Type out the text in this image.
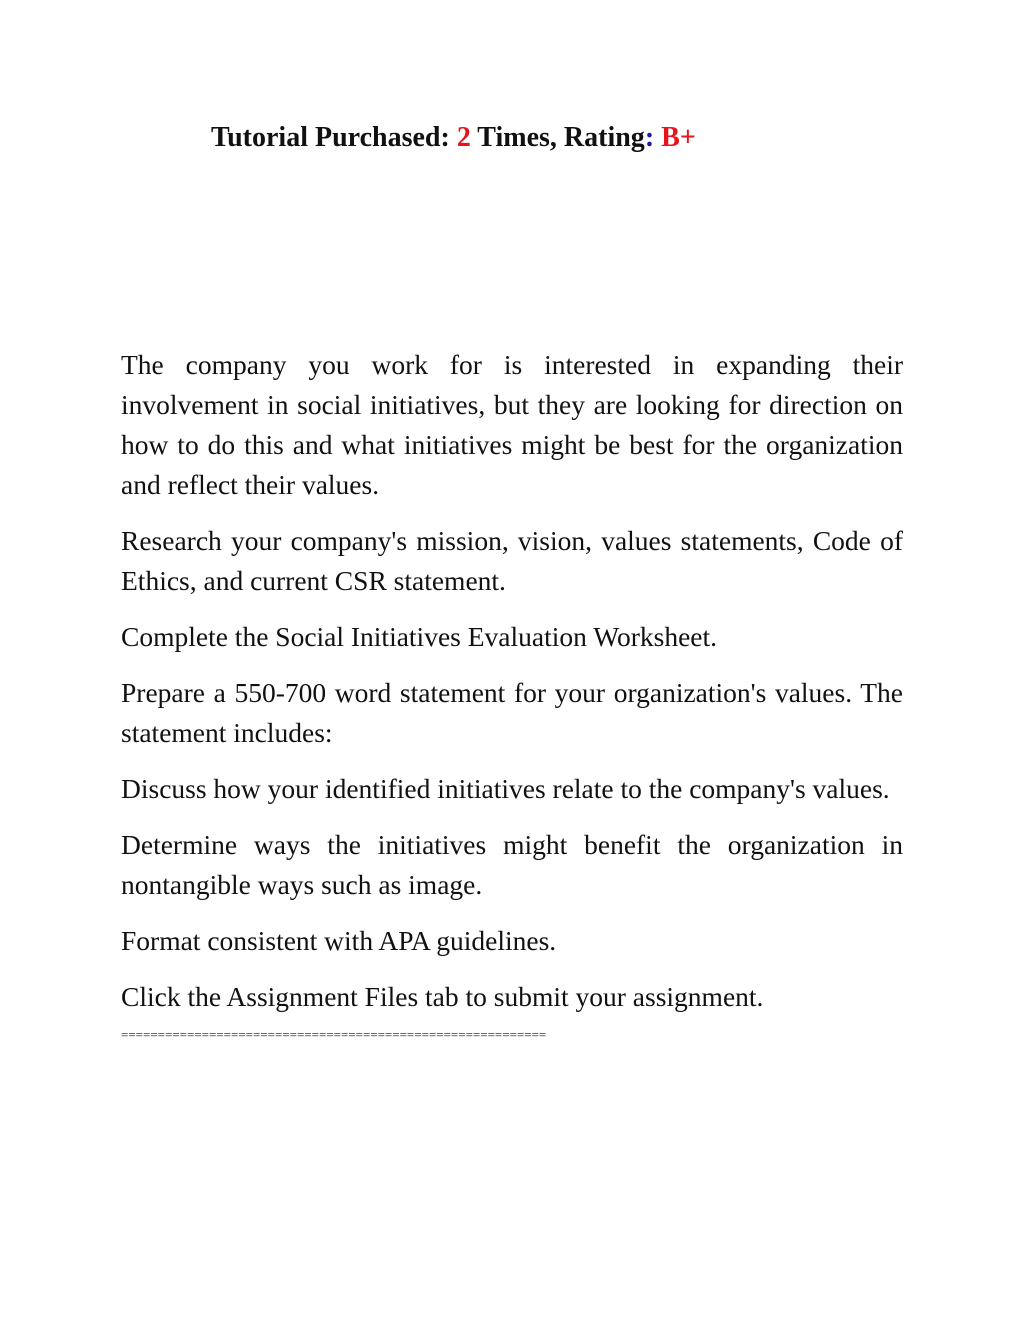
Tutorial Purchased: 2 Times, Rating: B+

The company you work for is interested in expanding their involvement in social initiatives, but they are looking for direction on how to do this and what initiatives might be best for the organization and reflect their values.

Research your company's mission, vision, values statements, Code of Ethics, and current CSR statement.

Complete the Social Initiatives Evaluation Worksheet.

Prepare a 550-700 word statement for your organization's values. The statement includes:

Discuss how your identified initiatives relate to the company's values.

Determine ways the initiatives might benefit the organization in nontangible ways such as image.

Format consistent with APA guidelines.

Click the Assignment Files tab to submit your assignment.

==========================================================
